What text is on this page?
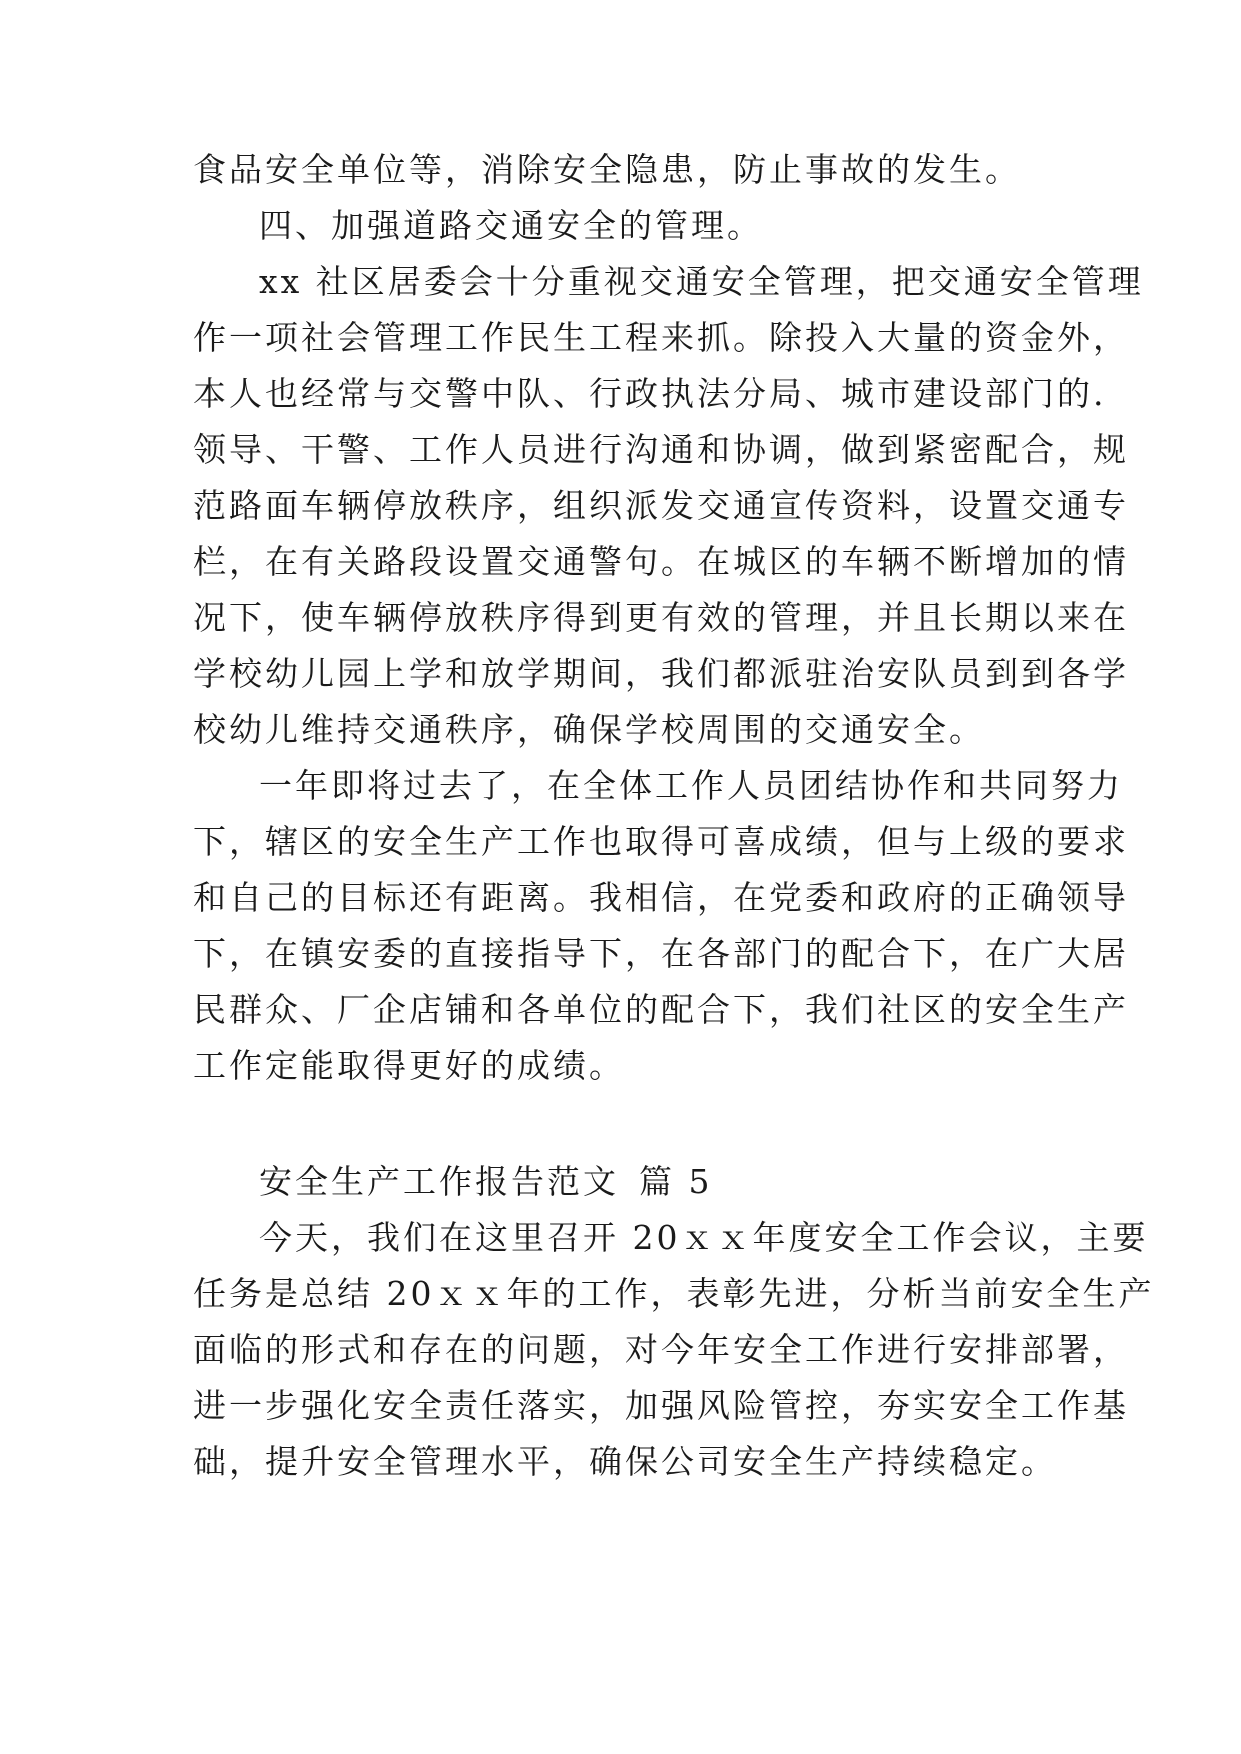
食品安全单位等，消除安全隐患，防止事故的发生。
四、加强道路交通安全的管理。
xx 社区居委会十分重视交通安全管理，把交通安全管理
作一项社会管理工作民生工程来抓。除投入大量的资金外，
本人也经常与交警中队、行政执法分局、城市建设部门的.
领导、干警、工作人员进行沟通和协调，做到紧密配合，规
范路面车辆停放秩序，组织派发交通宣传资料，设置交通专
栏，在有关路段设置交通警句。在城区的车辆不断增加的情
况下，使车辆停放秩序得到更有效的管理，并且长期以来在
学校幼儿园上学和放学期间，我们都派驻治安队员到到各学
校幼儿维持交通秩序，确保学校周围的交通安全。
一年即将过去了，在全体工作人员团结协作和共同努力
下，辖区的安全生产工作也取得可喜成绩，但与上级的要求
和自己的目标还有距离。我相信，在党委和政府的正确领导
下，在镇安委的直接指导下，在各部门的配合下，在广大居
民群众、厂企店铺和各单位的配合下，我们社区的安全生产
工作定能取得更好的成绩。
安全生产工作报告范文 篇 5
今天，我们在这里召开 20ｘｘ年度安全工作会议，主要
任务是总结 20ｘｘ年的工作，表彰先进，分析当前安全生产
面临的形式和存在的问题，对今年安全工作进行安排部署，
进一步强化安全责任落实，加强风险管控，夯实安全工作基
础，提升安全管理水平，确保公司安全生产持续稳定。
